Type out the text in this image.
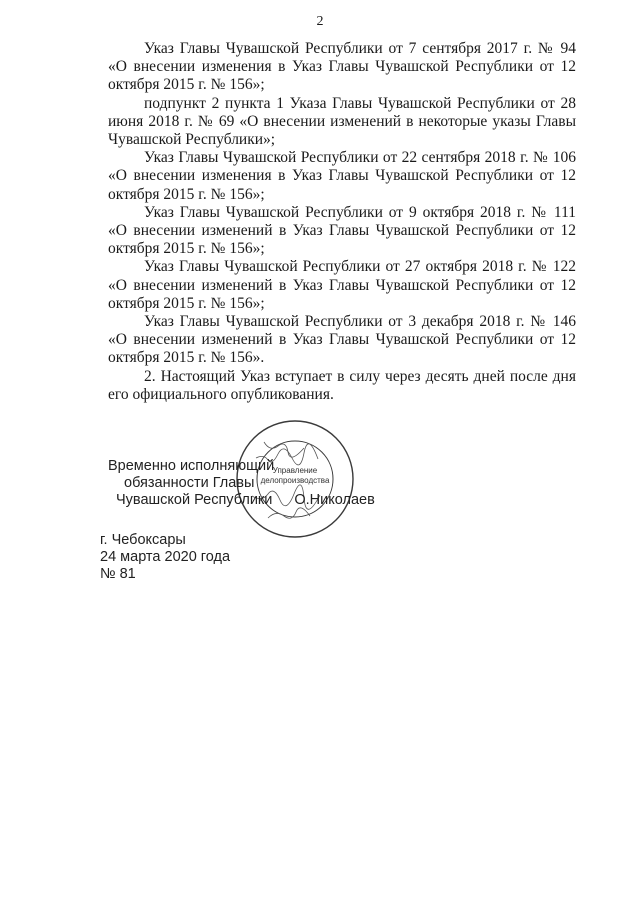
2

Указ Главы Чувашской Республики от 7 сентября 2017 г. № 94 «О внесении изменения в Указ Главы Чувашской Республики от 12 октября 2015 г. № 156»;

подпункт 2 пункта 1 Указа Главы Чувашской Республики от 28 июня 2018 г. № 69 «О внесении изменений в некоторые указы Главы Чувашской Республики»;

Указ Главы Чувашской Республики от 22 сентября 2018 г. № 106 «О внесении изменения в Указ Главы Чувашской Республики от 12 октября 2015 г. № 156»;

Указ Главы Чувашской Республики от 9 октября 2018 г. № 111 «О внесении изменений в Указ Главы Чувашской Республики от 12 октября 2015 г. № 156»;

Указ Главы Чувашской Республики от 27 октября 2018 г. № 122 «О внесении изменений в Указ Главы Чувашской Республики от 12 октября 2015 г. № 156»;

Указ Главы Чувашской Республики от 3 декабря 2018 г. № 146 «О внесении изменений в Указ Главы Чувашской Республики от 12 октября 2015 г. № 156».

2. Настоящий Указ вступает в силу через десять дней после дня его официального опубликования.

Управление
делопроизводства
Временно исполняющий
обязанности Главы
Чувашской Республики О.Николаев
г. Чебоксары
24 марта 2020 года
№ 81
